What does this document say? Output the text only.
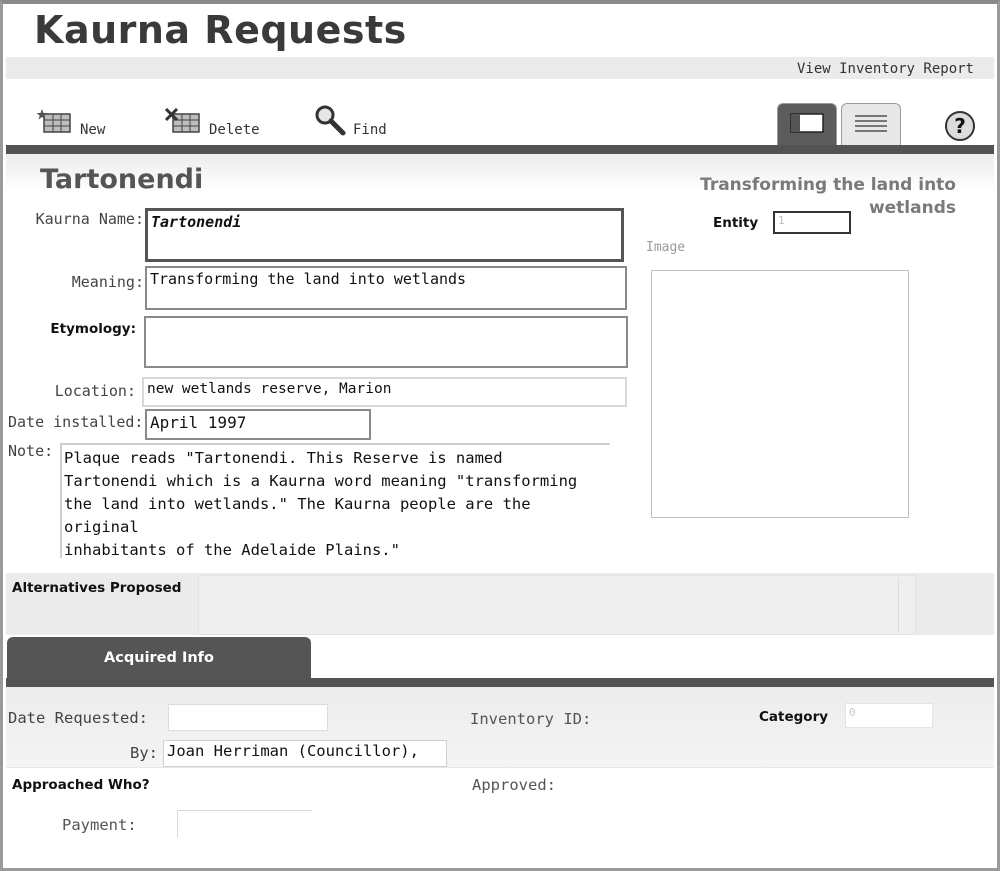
Kaurna Requests
View Inventory Report
New	Delete	Find	?
Tartonendi	Transforming the land into wetlands
Kaurna Name: Tartonendi
Meaning: Transforming the land into wetlands
Etymology:
Location: new wetlands reserve, Marion
Date installed: April 1997
Note: Plaque reads "Tartonendi. This Reserve is named
Tartonendi which is a Kaurna word meaning "transforming
the land into wetlands." The Kaurna people are the original
inhabitants of the Adelaide Plains."
Entity	1
Image
Alternatives Proposed
Acquired Info
Date Requested:	Inventory ID:	Category	0
By: Joan Herriman (Councillor),
Approached Who?	Approved:
Payment:
